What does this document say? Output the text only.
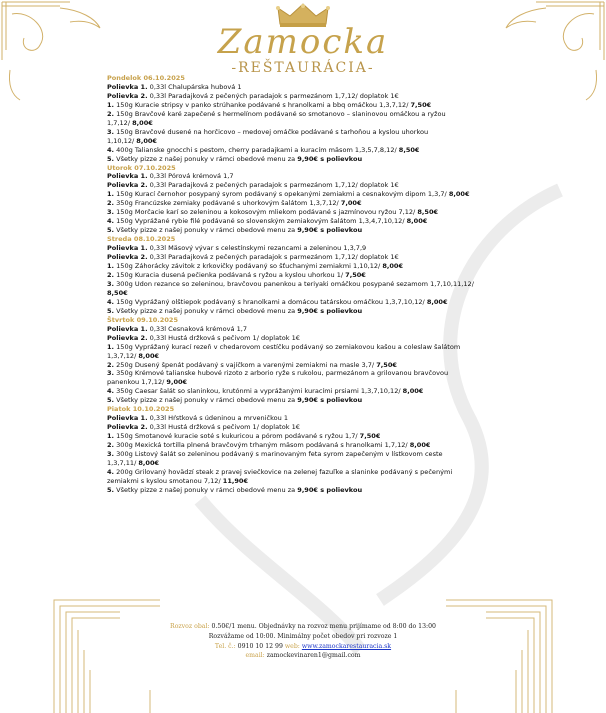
Zamocka
-REŠTAURÁCIA-
Pondelok 06.10.2025
Polievka 1. 0,33l Chalupárska hubová 1
Polievka 2. 0,33l Paradajková z pečených paradajok s parmezánom 1,7,12/ doplatok 1€
1. 150g Kuracie stripsy v panko strúhanke podávané s hranolkami a bbq omáčkou 1,3,7,12/ 7,50€
2. 150g Bravčové karé zapečené s hermelínom podávané so smotanovo – slaninovou omáčkou a ryžou
1,7,12/ 8,00€
3. 150g Bravčové dusené na horčicovo – medovej omáčke podávané s tarhoňou a kyslou uhorkou
1,10,12/ 8,00€
4. 400g Talianske gnocchi s pestom, cherry paradajkami a kuracím mäsom 1,3,5,7,8,12/ 8,50€
5. Všetky pizze z našej ponuky v rámci obedové menu za 9,90€ s polievkou
Utorok 07.10.2025
Polievka 1. 0,33l Pórová krémová 1,7
Polievka 2. 0,33l Paradajková z pečených paradajok s parmezánom 1,7,12/ doplatok 1€
1. 150g Kurací černohor posypaný syrom podávaný s opekanými zemiakmi a cesnakovým dipom 1,3,7/ 8,00€
2. 350g Francúzske zemiaky podávané s uhorkovým šalátom 1,3,7,12/ 7,00€
3. 150g Morčacie karí so zeleninou a kokosovým mliekom podávané s jazmínovou ryžou 7,12/ 8,50€
4. 150g Vyprážané rybie filé podávané so slovenským zemiakovým šalátom 1,3,4,7,10,12/ 8,00€
5. Všetky pizze z našej ponuky v rámci obedové menu za 9,90€ s polievkou
Streda 08.10.2025
Polievka 1. 0,33l Mäsový vývar s celestínskymi rezancami a zeleninou 1,3,7,9
Polievka 2. 0,33l Paradajková z pečených paradajok s parmezánom 1,7,12/ doplatok 1€
1. 150g Záhorácky závitok z krkovičky podávaný so šťuchanými zemiakmi 1,10,12/ 8,00€
2. 150g Kuracia dusená pečienka podávaná s ryžou a kyslou uhorkou 1/ 7,50€
3. 300g Udon rezance so zeleninou, bravčovou panenkou a teriyaki omáčkou posypané sezamom 1,7,10,11,12/
8,50€
4. 150g Vyprážaný olštiepok podávaný s hranolkami a domácou tatárskou omáčkou 1,3,7,10,12/ 8,00€
5. Všetky pizze z našej ponuky v rámci obedové menu za 9,90€ s polievkou
Štvrtok 09.10.2025
Polievka 1. 0,33l Cesnaková krémová 1,7
Polievka 2. 0,33l Hustá držková s pečivom 1/ doplatok 1€
1. 150g Vyprážaný kurací rezeň v chedarovom cestíčku podávaný so zemiakovou kašou a coleslaw šalátom
1,3,7,12/ 8,00€
2. 250g Dusený špenát podávaný s vajíčkom a varenými zemiakmi na masle 3,7/ 7,50€
3. 350g Krémové talianske hubové rizoto z arborio ryže s rukolou, parmezánom a grilovanou bravčovou
panenkou 1,7,12/ 9,00€
4. 350g Caesar šalát so slaninkou, krutónmi a vyprážanými kuracími prsiami 1,3,7,10,12/ 8,00€
5. Všetky pizze z našej ponuky v rámci obedové menu za 9,90€ s polievkou
Piatok 10.10.2025
Polievka 1. 0,33l Hŕstková s údeninou a mrveničkou 1
Polievka 2. 0,33l Hustá držková s pečivom 1/ doplatok 1€
1. 150g Smotanové kuracie soté s kukuricou a pórom podávané s ryžou 1,7/ 7,50€
2. 300g Mexická tortilla plnená bravčovým trhaným mäsom podávaná s hranolkami 1,7,12/ 8,00€
3. 300g Listový šalát so zeleninou podávaný s marinovaným feta syrom zapečeným v lístkovom ceste
1,3,7,11/ 8,00€
4. 200g Grilovaný hovädzí steak z pravej sviečkovice na zelenej fazuľke a slaninke podávaný s pečenými
zemiakmi s kyslou smotanou 7,12/ 11,90€
5. Všetky pizze z našej ponuky v rámci obedové menu za 9,90€ s polievkou
Rozvoz obal: 0.50€/1 menu. Objednávky na rozvoz menu prijímame od 8:00 do 13:00
Rozvážame od 10:00. Minimálny počet obedov pri rozvoze 1
Tel. č.: 0910 10 12 99 web: www.zamockarestauracia.sk
email: zamockevinaren1@gmail.com
